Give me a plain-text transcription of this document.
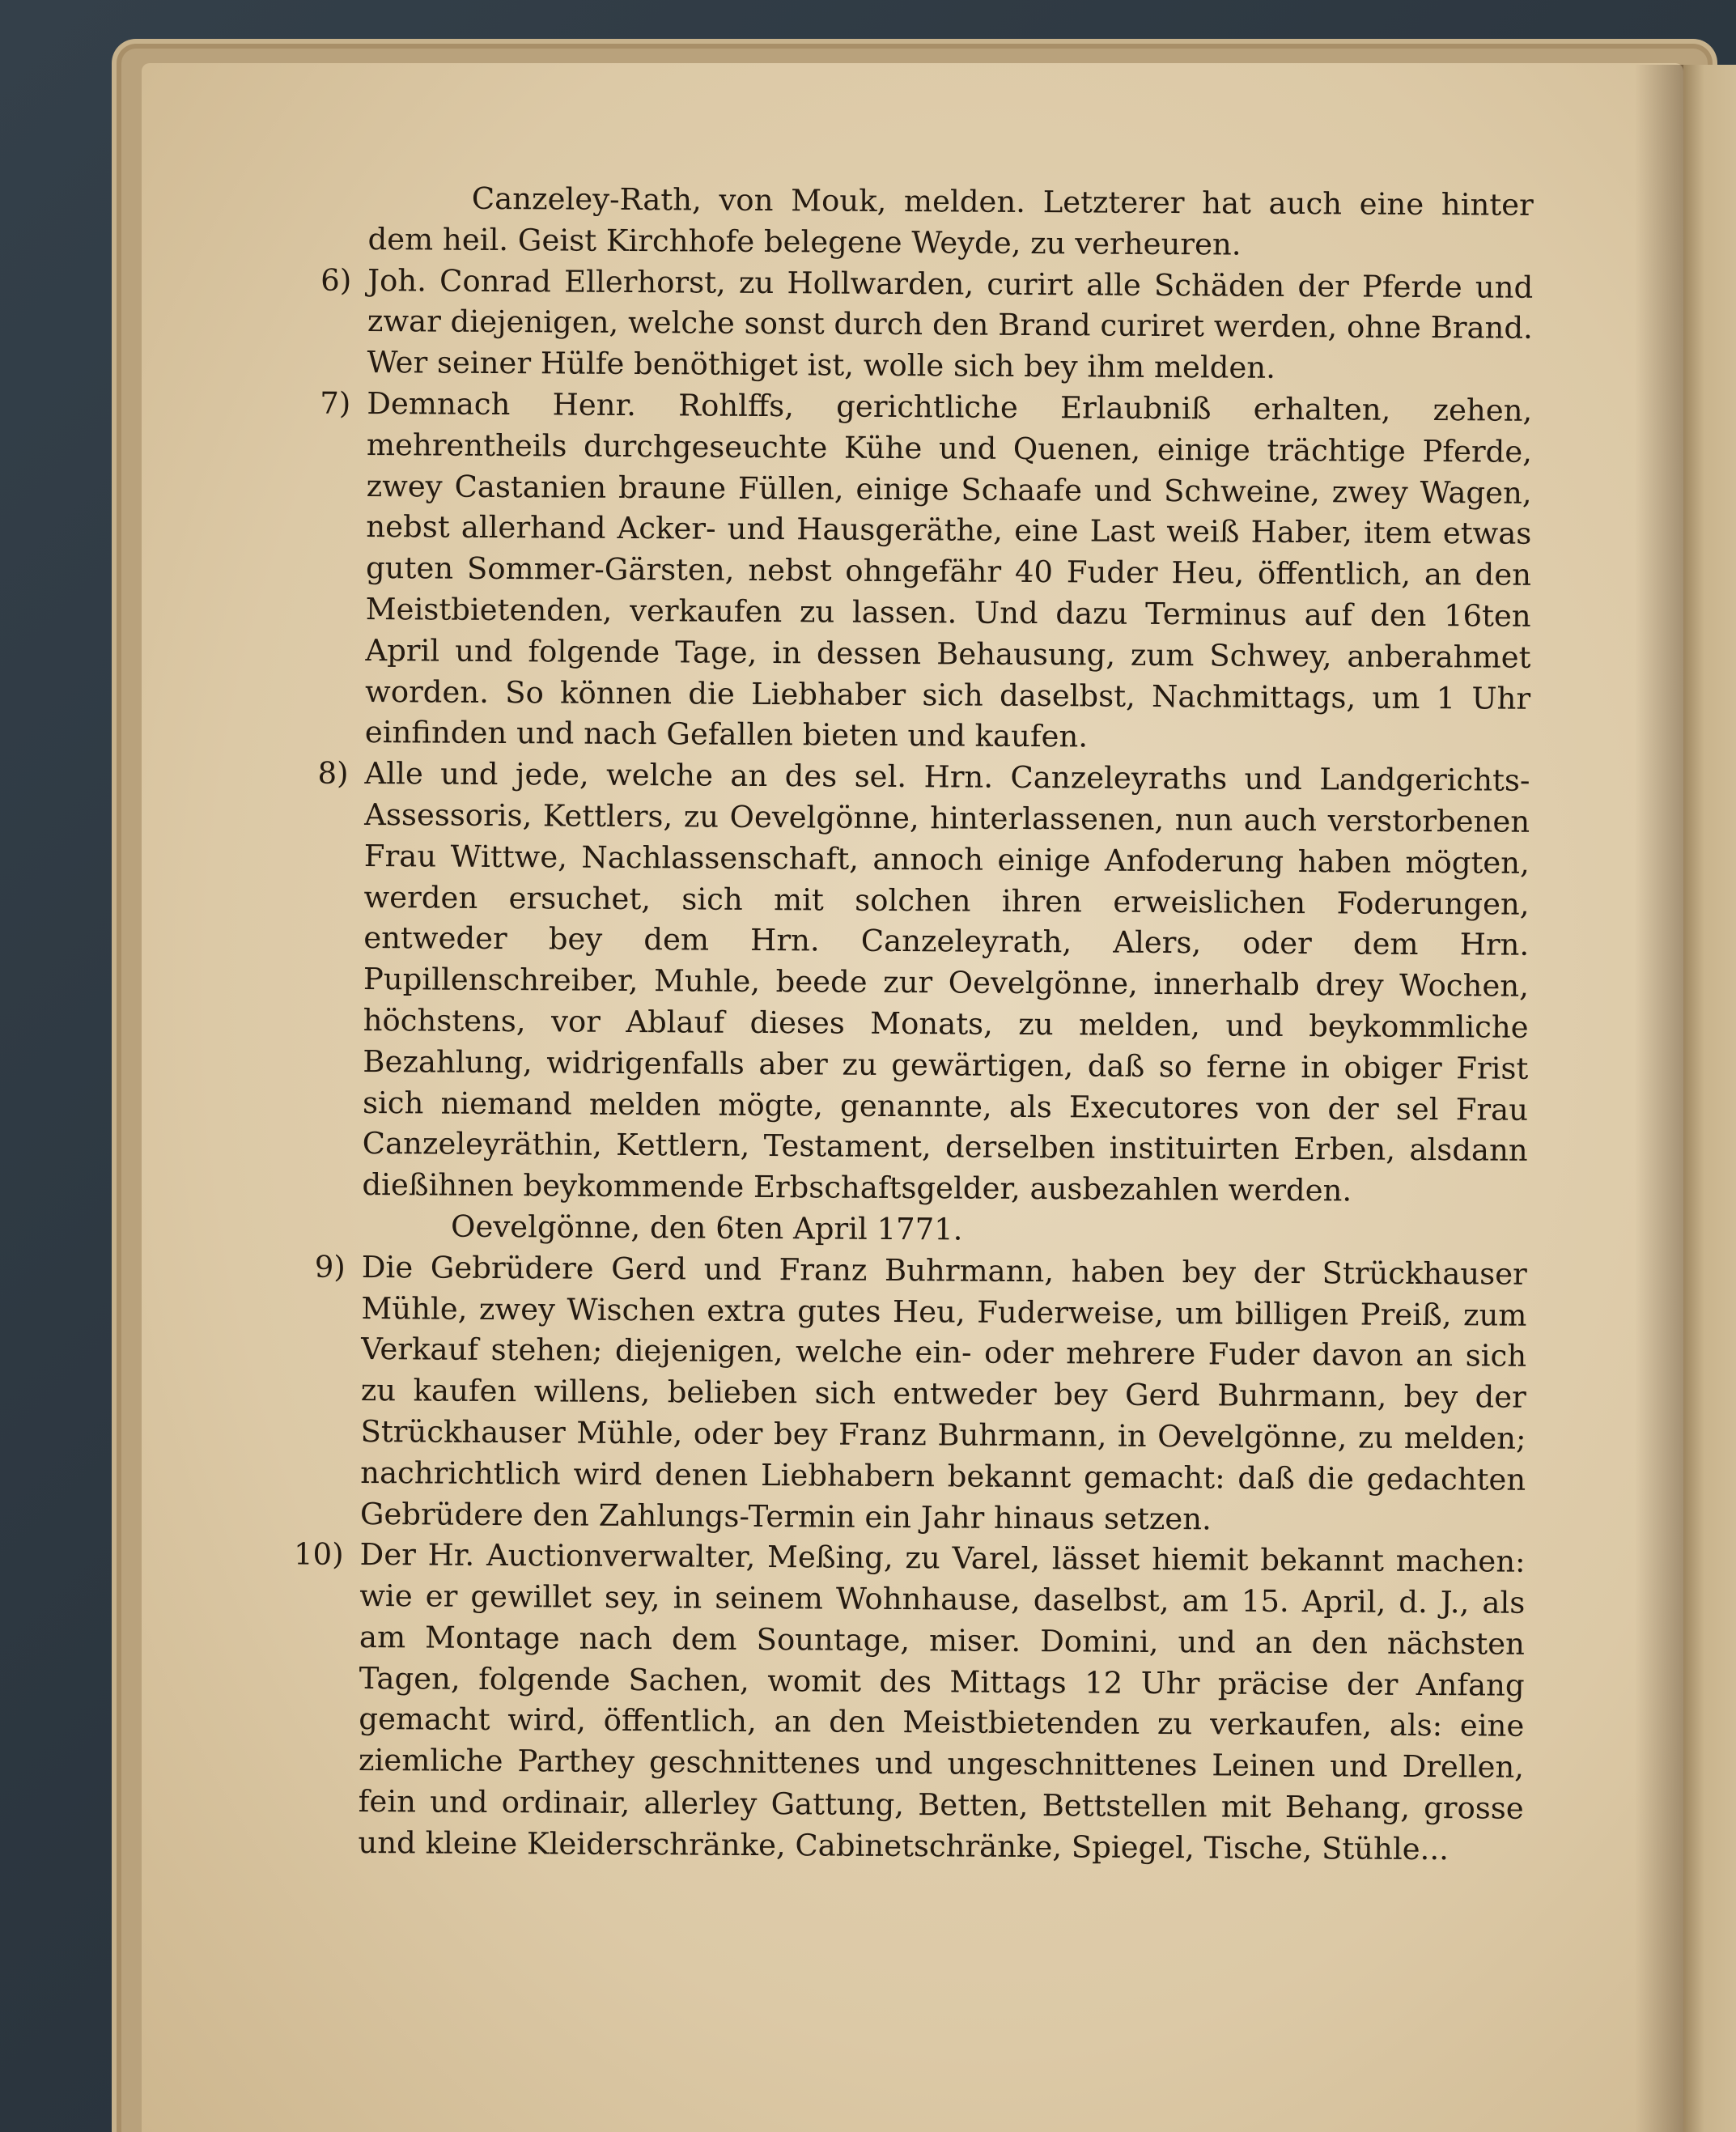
Canzeley-Rath, von Mouk, melden. Letzterer hat auch eine hinter dem heil. Geist Kirchhofe belegene Weyde, zu verheuren.

6) Joh. Conrad Ellerhorst, zu Hollwarden, curirt alle Schäden der Pferde und zwar diejenigen, welche sonst durch den Brand curiret werden, ohne Brand. Wer seiner Hülfe benöthiget ist, wolle sich bey ihm melden.
7) Demnach Henr. Rohlffs, gerichtliche Erlaubniß erhalten, zehen, mehrentheils durchgeseuchte Kühe und Quenen, einige trächtige Pferde, zwey Castanien braune Füllen, einige Schaafe und Schweine, zwey Wagen, nebst allerhand Acker- und Hausgeräthe, eine Last weiß Haber, item etwas guten Sommer-Gärsten, nebst ohngefähr 40 Fuder Heu, öffentlich, an den Meistbietenden, verkaufen zu lassen. Und dazu Terminus auf den 16ten April und folgende Tage, in dessen Behausung, zum Schwey, anberahmet worden. So können die Liebhaber sich daselbst, Nachmittags, um 1 Uhr einfinden und nach Gefallen bieten und kaufen.
8) Alle und jede, welche an des sel. Hrn. Canzeleyraths und Landgerichts-Assessoris, Kettlers, zu Oevelgönne, hinterlassenen, nun auch verstorbenen Frau Wittwe, Nachlassenschaft, annoch einige Anfoderung haben mögten, werden ersuchet, sich mit solchen ihren erweislichen Foderungen, entweder bey dem Hrn. Canzeleyrath, Alers, oder dem Hrn. Pupillenschreiber, Muhle, beede zur Oevelgönne, innerhalb drey Wochen, höchstens, vor Ablauf dieses Monats, zu melden, und beykommliche Bezahlung, widrigenfalls aber zu gewärtigen, daß so ferne in obiger Frist sich niemand melden mögte, genannte, als Executores von der sel Frau Canzeleyräthin, Kettlern, Testament, derselben instituirten Erben, alsdann dießihnen beykommende Erbschaftsgelder, ausbezahlen werden.

Oevelgönne, den 6ten April 1771.

9) Die Gebrüdere Gerd und Franz Buhrmann, haben bey der Strückhauser Mühle, zwey Wischen extra gutes Heu, Fuderweise, um billigen Preiß, zum Verkauf stehen; diejenigen, welche ein- oder mehrere Fuder davon an sich zu kaufen willens, belieben sich entweder bey Gerd Buhrmann, bey der Strückhauser Mühle, oder bey Franz Buhrmann, in Oevelgönne, zu melden; nachrichtlich wird denen Liebhabern bekannt gemacht: daß die gedachten Gebrüdere den Zahlungs-Termin ein Jahr hinaus setzen.
10) Der Hr. Auctionverwalter, Meßing, zu Varel, lässet hiemit bekannt machen: wie er gewillet sey, in seinem Wohnhause, daselbst, am 15. April, d. J., als am Montage nach dem Sountage, miser. Domini, und an den nächsten Tagen, folgende Sachen, womit des Mittags 12 Uhr präcise der Anfang gemacht wird, öffentlich, an den Meistbietenden zu verkaufen, als: eine ziemliche Parthey geschnittenes und ungeschnittenes Leinen und Drellen, fein und ordinair, allerley Gattung, Betten, Bettstellen mit Behang, grosse und kleine Kleiderschränke, Cabinetschränke, Spiegel, Tische, Stühle...
